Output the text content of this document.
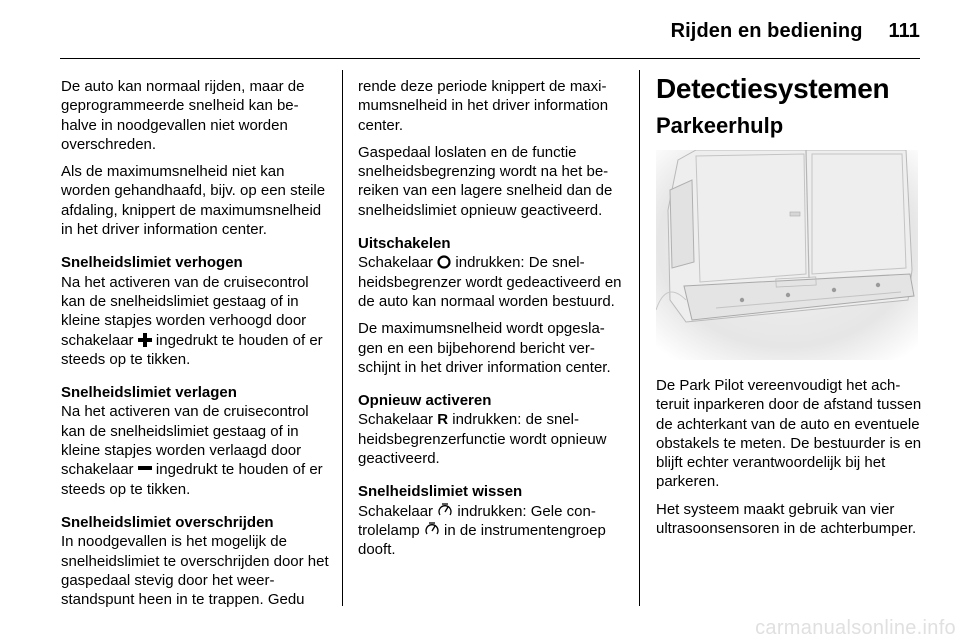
Rijden en bediening 111

De auto kan normaal rijden, maar de geprogrammeerde snelheid kan behalve in noodgevallen niet worden overschreden.

Als de maximumsnelheid niet kan worden gehandhaafd, bijv. op een steile afdaling, knippert de maximumsnelheid in het driver information center.

Snelheidslimiet verhogen

Na het activeren van de cruisecontrol kan de snelheidslimiet gestaag of in kleine stapjes worden verhoogd door schakelaar ingedrukt te houden of er steeds op te tikken.

Snelheidslimiet verlagen

Na het activeren van de cruisecontrol kan de snelheidslimiet gestaag of in kleine stapjes worden verlaagd door schakelaar ingedrukt te houden of er steeds op te tikken.

Snelheidslimiet overschrijden

In noodgevallen is het mogelijk de snelheidslimiet te overschrijden door het gaspedaal stevig door het weerstandspunt heen in te trappen. Gedu

rende deze periode knippert de maximumsnelheid in het driver information center.

Gaspedaal loslaten en de functie snelheidsbegrenzing wordt na het bereiken van een lagere snelheid dan de snelheidslimiet opnieuw geactiveerd.

Uitschakelen

Schakelaar indrukken: De snelheidsbegrenzer wordt gedeactiveerd en de auto kan normaal worden bestuurd.

De maximumsnelheid wordt opgeslagen en een bijbehorend bericht verschijnt in het driver information center.

Opnieuw activeren

Schakelaar R indrukken: de snelheidsbegrenzerfunctie wordt opnieuw geactiveerd.

Snelheidslimiet wissen

Schakelaar indrukken: Gele controlelamp in de instrumentengroep dooft.

Detectiesystemen
Parkeerhulp

De Park Pilot vereenvoudigt het achteruit inparkeren door de afstand tussen de achterkant van de auto en eventuele obstakels te meten. De bestuurder is en blijft echter verantwoordelijk bij het parkeren.

Het systeem maakt gebruik van vier ultrasoonsensoren in de achterbumper.

carmanualsonline.info
